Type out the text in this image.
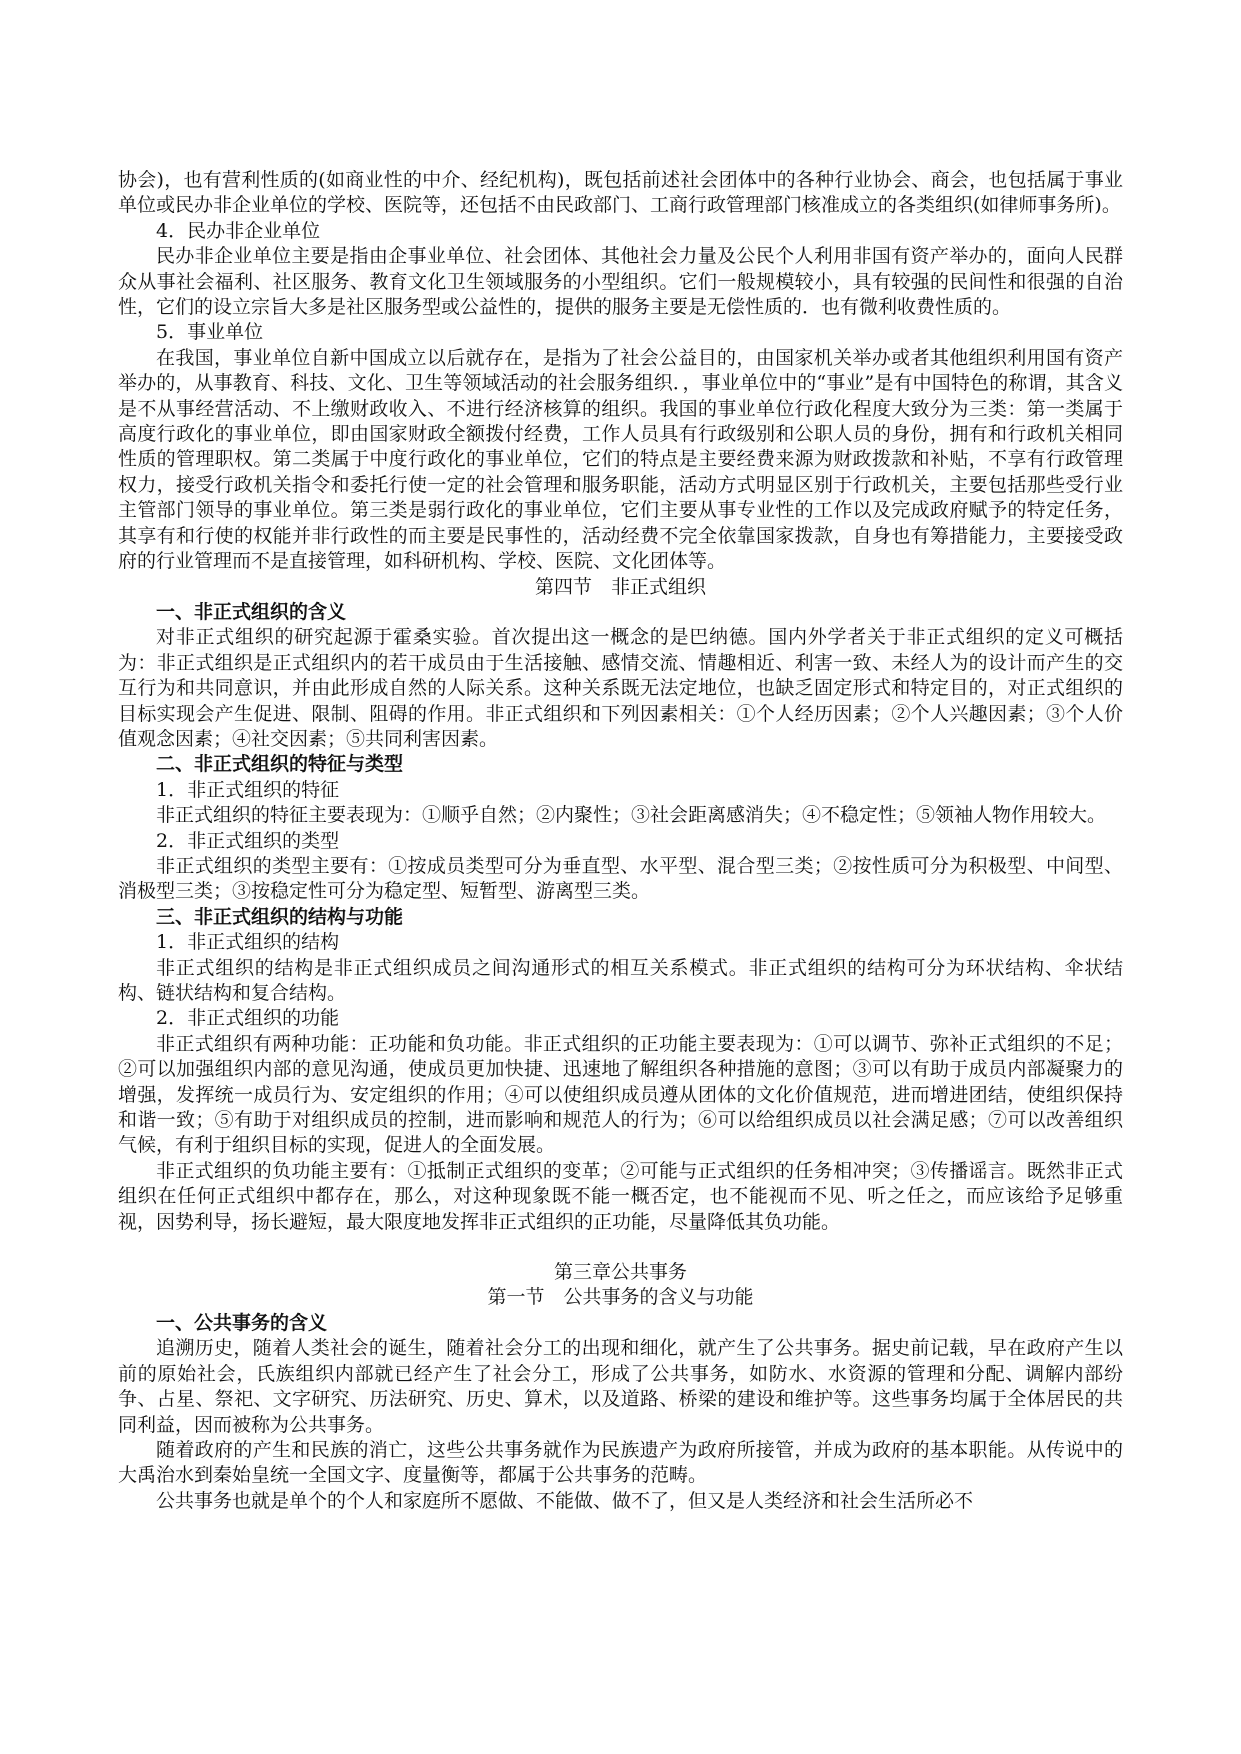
协会)，也有营利性质的(如商业性的中介、经纪机构)，既包括前述社会团体中的各种行业协会、商会，也包括属于事业单位或民办非企业单位的学校、医院等，还包括不由民政部门、工商行政管理部门核准成立的各类组织(如律师事务所)。

4．民办非企业单位

民办非企业单位主要是指由企事业单位、社会团体、其他社会力量及公民个人利用非国有资产举办的，面向人民群众从事社会福利、社区服务、教育文化卫生领域服务的小型组织。它们一般规模较小，具有较强的民间性和很强的自治性，它们的设立宗旨大多是社区服务型或公益性的，提供的服务主要是无偿性质的．也有微利收费性质的。

5．事业单位

在我国，事业单位自新中国成立以后就存在，是指为了社会公益目的，由国家机关举办或者其他组织利用国有资产举办的，从事教育、科技、文化、卫生等领域活动的社会服务组织．，事业单位中的“事业”是有中国特色的称谓，其含义是不从事经营活动、不上缴财政收入、不进行经济核算的组织。我国的事业单位行政化程度大致分为三类：第一类属于高度行政化的事业单位，即由国家财政全额拨付经费，工作人员具有行政级别和公职人员的身份，拥有和行政机关相同性质的管理职权。第二类属于中度行政化的事业单位，它们的特点是主要经费来源为财政拨款和补贴，不享有行政管理权力，接受行政机关指令和委托行使一定的社会管理和服务职能，活动方式明显区别于行政机关，主要包括那些受行业主管部门领导的事业单位。第三类是弱行政化的事业单位，它们主要从事专业性的工作以及完成政府赋予的特定任务，其享有和行使的权能并非行政性的而主要是民事性的，活动经费不完全依靠国家拨款，自身也有筹措能力，主要接受政府的行业管理而不是直接管理，如科研机构、学校、医院、文化团体等。

第四节　非正式组织

一、非正式组织的含义

对非正式组织的研究起源于霍桑实验。首次提出这一概念的是巴纳德。国内外学者关于非正式组织的定义可概括为：非正式组织是正式组织内的若干成员由于生活接触、感情交流、情趣相近、利害一致、未经人为的设计而产生的交互行为和共同意识，并由此形成自然的人际关系。这种关系既无法定地位，也缺乏固定形式和特定目的，对正式组织的目标实现会产生促进、限制、阻碍的作用。非正式组织和下列因素相关：①个人经历因素；②个人兴趣因素；③个人价值观念因素；④社交因素；⑤共同利害因素。

二、非正式组织的特征与类型

1．非正式组织的特征

非正式组织的特征主要表现为：①顺乎自然；②内聚性；③社会距离感消失；④不稳定性；⑤领袖人物作用较大。

2．非正式组织的类型

非正式组织的类型主要有：①按成员类型可分为垂直型、水平型、混合型三类；②按性质可分为积极型、中间型、消极型三类；③按稳定性可分为稳定型、短暂型、游离型三类。

三、非正式组织的结构与功能

1．非正式组织的结构

非正式组织的结构是非正式组织成员之间沟通形式的相互关系模式。非正式组织的结构可分为环状结构、伞状结构、链状结构和复合结构。

2．非正式组织的功能

非正式组织有两种功能：正功能和负功能。非正式组织的正功能主要表现为：①可以调节、弥补正式组织的不足；②可以加强组织内部的意见沟通，使成员更加快捷、迅速地了解组织各种措施的意图；③可以有助于成员内部凝聚力的增强，发挥统一成员行为、安定组织的作用；④可以使组织成员遵从团体的文化价值规范，进而增进团结，使组织保持和谐一致；⑤有助于对组织成员的控制，进而影响和规范人的行为；⑥可以给组织成员以社会满足感；⑦可以改善组织气候，有利于组织目标的实现，促进人的全面发展。

非正式组织的负功能主要有：①抵制正式组织的变革；②可能与正式组织的任务相冲突；③传播谣言。既然非正式组织在任何正式组织中都存在，那么，对这种现象既不能一概否定，也不能视而不见、听之任之，而应该给予足够重视，因势利导，扬长避短，最大限度地发挥非正式组织的正功能，尽量降低其负功能。

第三章公共事务

第一节　公共事务的含义与功能

一、公共事务的含义

追溯历史，随着人类社会的诞生，随着社会分工的出现和细化，就产生了公共事务。据史前记载，早在政府产生以前的原始社会，氏族组织内部就已经产生了社会分工，形成了公共事务，如防水、水资源的管理和分配、调解内部纷争、占星、祭祀、文字研究、历法研究、历史、算术，以及道路、桥梁的建设和维护等。这些事务均属于全体居民的共同利益，因而被称为公共事务。

随着政府的产生和民族的消亡，这些公共事务就作为民族遗产为政府所接管，并成为政府的基本职能。从传说中的大禹治水到秦始皇统一全国文字、度量衡等，都属于公共事务的范畴。

公共事务也就是单个的个人和家庭所不愿做、不能做、做不了，但又是人类经济和社会生活所必不
